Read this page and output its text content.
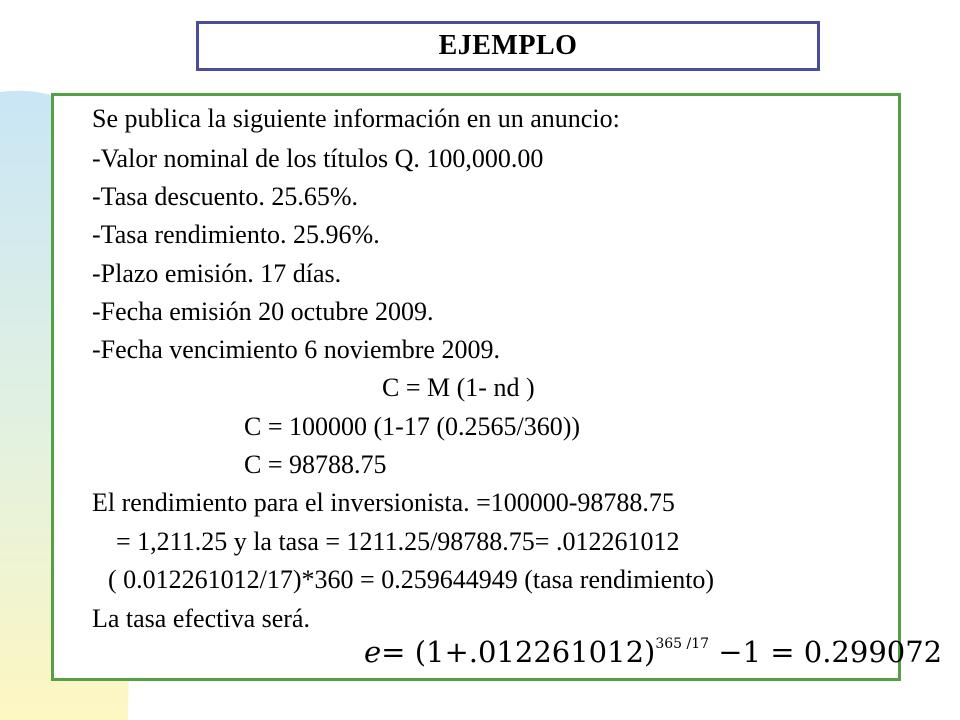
EJEMPLO
Se publica la siguiente información en un anuncio:
-Valor nominal de los títulos Q. 100,000.00
-Tasa descuento. 25.65%.
-Tasa rendimiento. 25.96%.
-Plazo emisión. 17 días.
-Fecha emisión 20 octubre 2009.
-Fecha vencimiento 6 noviembre 2009.
C = M (1- nd )
C = 100000 (1-17 (0.2565/360))
C = 98788.75
El rendimiento para el inversionista. =100000-98788.75
= 1,211.25 y la tasa = 1211.25/98788.75= .012261012
( 0.012261012/17)*360 = 0.259644949 (tasa rendimiento)
La tasa efectiva será.
$e= (1+.012261012)^{365 /17} -1 = 0.299072$
